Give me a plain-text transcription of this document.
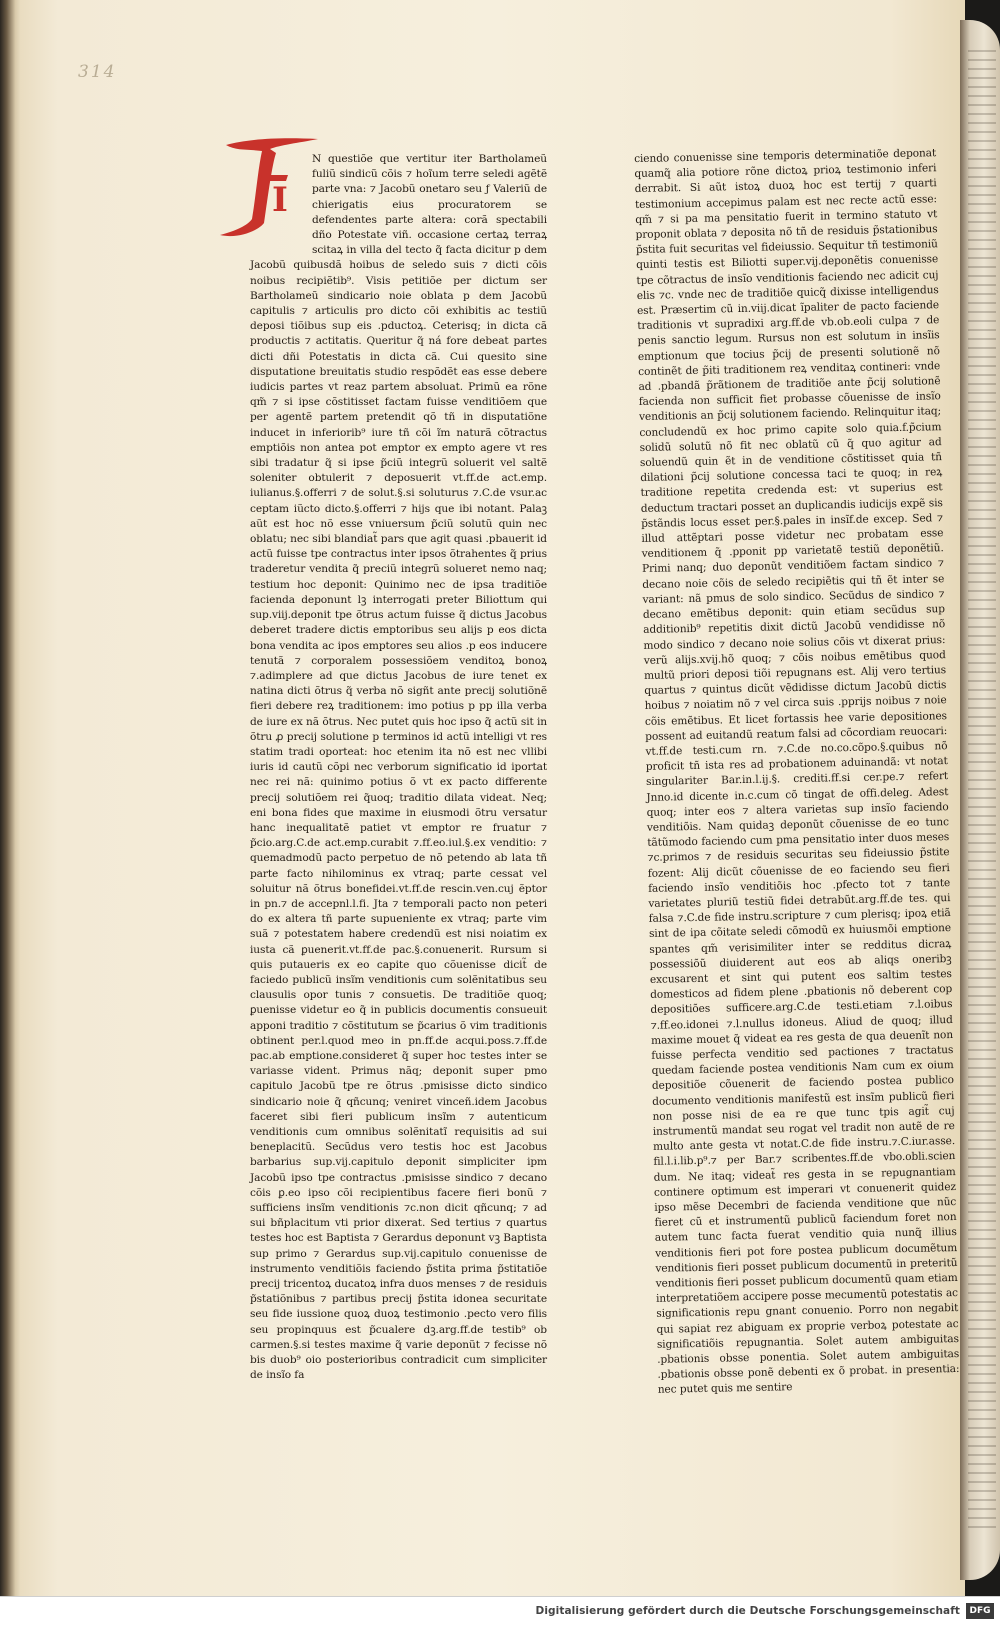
314
I

N questiõe que vertitur iter Bartholameũ fuliũ sindicũ cõis ⁊ hoĩum terre seledi agẽtẽ parte vna: ⁊ Jacobũ onetaro seu ƒ Valeriũ de chierigatis eius procuratorem se defendentes parte altera: corã spectabili dño Potestate viñ. occasione certaꝝ terraꝝ scitaꝝ in villa del tecto q̃ facta dicitur p dem Jacobũ quibusdã hoibus de seledo suis ⁊ dicti cõis noibus recipiẽtib⁹. Visis petitiõe per dictum ser Bartholameũ sindicario noie oblata p dem Jacobũ capitulis ⁊ articulis pro dicto cõi exhibitis ac testiũ deposi tiõibus sup eis .pductoꝝ. Ceterisq; in dicta cã productis ⁊ actitatis. Queritur q̃ ná fore debeat partes dicti dñi Potestatis in dicta cã. Cui quesito sine disputatione breuitatis studio respõdẽt eas esse debere iudicis partes vt reaz partem absoluat. Primũ ea rõne qm̃ ⁊ si ipse cõstitisset factam fuisse venditiõem que per agentẽ partem pretendit qõ tñ in disputatiõne inducet in inferiorib⁹ iure tñ cõi ĩm naturã cõtractus emptiõis non antea pot emptor ex empto agere vt res sibi tradatur q̃ si ipse p̃ciũ integrũ soluerit vel saltẽ soleniter obtulerit ⁊ deposuerit vt.ff.de act.emp. iulianus.§.offerri ⁊ de solut.§.si soluturus ⁊.C.de vsur.ac ceptam iũcto dicto.§.offerri ⁊ hijs que ibi notant. Palaꝫ aũt est hoc nõ esse vniuersum p̃ciũ solutũ quin nec oblatu; nec sibi blandiat̃ pars que agit quasi .pbauerit id actũ fuisse tpe contractus inter ipsos õtrahentes q̃ prius traderetur vendita q̃ preciũ integrũ solueret nemo naq; testium hoc deponit: Quinimo nec de ipsa traditiõe facienda deponunt lꝫ interrogati preter Biliottum qui sup.viij.deponit tpe õtrus actum fuisse q̃ dictus Jacobus deberet tradere dictis emptoribus seu alijs p eos dicta bona vendita ac ipos emptores seu alios .p eos inducere tenutã ⁊ corporalem possessiõem venditoꝝ bonoꝝ ⁊.adimplere ad que dictus Jacobus de iure tenet ex natina dicti õtrus q̃ verba nõ sigñt ante precij solutiõnẽ fieri debere reꝝ traditionem: imo potius p pp illa verba de iure ex nã õtrus. Nec putet quis hoc ipso q̃ actũ sit in õtru ꝓ precij solutione p terminos id actũ intelligi vt res statim tradi oporteat: hoc etenim ita nõ est nec vllibi iuris id cautũ cõpi nec verborum significatio id iportat nec rei nã: quinimo potius õ vt ex pacto differente precij solutiõem rei q̃uoq; traditio dilata videat. Neq; eni bona fides que maxime in eiusmodi õtru versatur hanc inequalitatẽ patiet vt emptor re fruatur ⁊ p̃cio.arg.C.de act.emp.curabit ⁊.ff.eo.iul.§.ex venditio: ⁊ quemadmodũ pacto perpetuo de nõ petendo ab lata tñ parte facto nihilominus ex vtraq; parte cessat vel soluitur nã õtrus bonefidei.vt.ff.de rescin.ven.cuj ẽptor in pn.⁊ de accepnl.l.fi. Jta ⁊ temporali pacto non peteri do ex altera tñ parte supueniente ex vtraq; parte vim suã ⁊ potestatem habere credendũ est nisi noiatim ex iusta cã ꝑuenerit.vt.ff.de pac.§.conuenerit. Rursum si quis putaueris ex eo capite quo cõuenisse dicit̃ de faciedo publicũ insĩm venditionis cum solẽnitatibus seu clausulis opor tunis ⁊ consuetis. De traditiõe quoq; ꝑuenisse videtur eo q̃ in publicis documentis consueuit apponi traditio ⁊ cõstitutum se p̃carius õ vim traditionis obtinent per.l.quod meo in pn.ff.de acqui.poss.⁊.ff.de pac.ab emptione.consideret q̃ super hoc testes inter se variasse vident. Primus nãq; deponit super pmo capitulo Jacobũ tpe re õtrus .pmisisse dicto sindico sindicario noie q̃ qñcunq; veniret vinceñ.idem Jacobus faceret sibi fieri publicum insĩm ⁊ autenticum venditionis cum omnibus solẽnitatĩ requisitis ad sui beneplacitũ. Secũdus vero testis hoc est Jacobus barbarius sup.vij.capitulo deponit simpliciter ipm Jacobũ ipso tpe contractus .pmisisse sindico ⁊ decano cõis ꝑ.eo ipso cõi recipientibus facere fieri bonũ ⁊ sufficiens insĩm venditionis ⁊c.non dicit qñcunq; ⁊ ad sui bñplacitum vti prior dixerat. Sed tertius ⁊ quartus testes hoc est Baptista ⁊ Gerardus deponunt vꝫ Baptista sup primo ⁊ Gerardus sup.vij.capitulo conuenisse de instrumento venditiõis faciendo p̃stita prima p̃stitatiõe precij tricentoꝝ ducatoꝝ infra duos menses ⁊ de residuis p̃statiõnibus ⁊ partibus precij p̃stita idonea securitate seu fide iussione quoꝝ duoꝝ testimonio .pecto vero filis seu propinquus est p̃cualere dꝫ.arg.ff.de testib⁹ ob carmen.§.si testes maxime q̃ varie deponũt ⁊ fecisse nõ bis duob⁹ oio posterioribus contradicit cum simpliciter de insĩo fa

ciendo conuenisse sine temporis determinatiõe deponat quamq̃ alia potiore rõne dictoꝝ prioꝝ testimonio inferi derrabit. Si aũt istoꝝ duoꝝ hoc est tertij ⁊ quarti testimonium accepimus palam est nec recte actũ esse: qm̃ ⁊ si pa ma pensitatio fuerit in termino statuto vt proponit oblata ⁊ deposita nõ tñ de residuis p̃stationibus p̃stita fuit securitas vel fideiussio. Sequitur tñ testimoniũ quinti testis est Biliotti super.vij.deponẽtis conuenisse tpe cõtractus de insĩo venditionis faciendo nec adicit cuj elis ⁊c. vnde nec de traditiõe quicq̃ dixisse intelligendus est. Præsertim cũ in.viij.dicat ĩpaliter de pacto faciende traditionis vt supradixi arg.ff.de vb.ob.eoli culpa ⁊ de penis sanctio legum. Rursus non est solutum in insĩis emptionum que tocius p̃cij de presenti solutionẽ nõ continẽt de p̃iti traditionem reꝝ venditaꝝ contineri: vnde ad .pbandã p̃rãtionem de traditiõe ante p̃cij solutionẽ facienda non sufficit fiet probasse cõuenisse de insĩo venditionis an p̃cij solutionem faciendo. Relinquitur itaq; concludendũ ex hoc primo capite solo quia.f.p̃cium solidũ solutũ nõ fit nec oblatũ cũ q̃ quo agitur ad soluendũ quin ẽt in de venditione cõstitisset quia tñ dilationi p̃cij solutione concessa taci te quoq; in reꝝ traditione repetita credenda est: vt superius est deductum tractari posset an duplicandis iudicijs expẽ sis p̃stãndis locus esset per.§.pales in insĩf.de excep. Sed ⁊ illud attẽptari posse videtur nec probatam esse venditionem q̃ .pponit pp varietatẽ testiũ deponẽtiũ. Primi nanq; duo deponũt venditiõem factam sindico ⁊ decano noie cõis de seledo recipiẽtis qui tñ ẽt inter se variant: nã pmus de solo sindico. Secũdus de sindico ⁊ decano emẽtibus deponit: quin etiam secũdus sup additionib⁹ repetitis dixit dictũ Jacobũ vendidisse nõ modo sindico ⁊ decano noie solius cõis vt dixerat prius: verũ alijs.xvij.hõ quoq; ⁊ cõis noibus emẽtibus quod multũ priori deposi tiõi repugnans est. Alij vero tertius quartus ⁊ quintus dicũt vẽdidisse dictum Jacobũ dictis hoibus ⁊ noiatim nõ ⁊ vel circa suis .pprijs noibus ⁊ noie cõis emẽtibus. Et licet fortassis hee varie depositiones possent ad euitandũ reatum falsi ad cõcordiam reuocari: vt.ff.de testi.cum rn. ⁊.C.de no.co.cõpo.§.quibus nõ proficit tñ ista res ad probationem aduinandã: vt notat singulariter Bar.in.l.ij.§. crediti.ff.si cer.pe.⁊ refert Jnno.id dicente in.c.cum cõ tingat de offi.deleg. Adest quoq; inter eos ⁊ altera varietas sup insĩo faciendo venditiõis. Nam quidaꝫ deponũt cõuenisse de eo tunc tãtũmodo faciendo cum pma pensitatio inter duos meses ⁊c.primos ⁊ de residuis securitas seu fideiussio p̃stite fozent: Alij dicũt cõuenisse de eo faciendo seu fieri faciendo insĩo venditiõis hoc .pfecto tot ⁊ tante varietates pluriũ testiũ fidei detrabũt.arg.ff.de tes. qui falsa ⁊.C.de fide instru.scripture ⁊ cum plerisq; ipoꝝ etiã sint de ipa cõitate seledi cõmodũ ex huiusmõi emptione spantes qm̃ verisimiliter inter se redditus dicraꝝ possessiõũ diuiderent aut eos ab aliqs oneribꝫ excusarent et sint qui putent eos saltim testes domesticos ad fidem plene .pbationis nõ deberent cop depositiões sufficere.arg.C.de testi.etiam ⁊.l.oibus ⁊.ff.eo.idonei ⁊.l.nullus idoneus. Aliud de quoq; illud maxime mouet q̃ videat ea res gesta de qua deuenĩt non fuisse perfecta venditio sed pactiones ⁊ tractatus quedam faciende postea venditionis Nam cum ex oium depositiõe cõuenerit de faciendo postea publico documento venditionis manifestũ est insĩm publicũ fieri non posse nisi de ea re que tunc tpis agit̃ cuj instrumentũ mandat seu rogat vel tradit non autẽ de re multo ante gesta vt notat.C.de fide instru.⁊.C.iur.asse. fil.l.i.lib.p⁹.⁊ per Bar.⁊ scribentes.ff.de vbo.obli.scien dum. Ne itaq; videat̃ res gesta in se repugnantiam continere optimum est imperari vt conuenerit quidez ipso mẽse Decembri de facienda venditione que nũc fieret cũ et instrumentũ publicũ faciendum foret non autem tunc facta fuerat venditio quia nunq̃ illius venditionis fieri pot fore postea publicum documẽtum venditionis fieri posset publicum documentũ in preteritũ venditionis fieri posset publicum documentũ quam etiam interpretatiõem accipere posse mecumentũ potestatis ac significationis repu gnant conuenio. Porro non negabit qui sapiat rez abiguam ex proprie verboꝝ potestate ac significatiõis repugnantia. Solet autem ambiguitas .pbationis obsse ponentia. Solet autem ambiguitas .pbationis obsse ponẽ debenti ex õ probat. in presentia: nec putet quis me sentire

Digitalisierung gefördert durch die Deutsche Forschungsgemeinschaft	DFG
